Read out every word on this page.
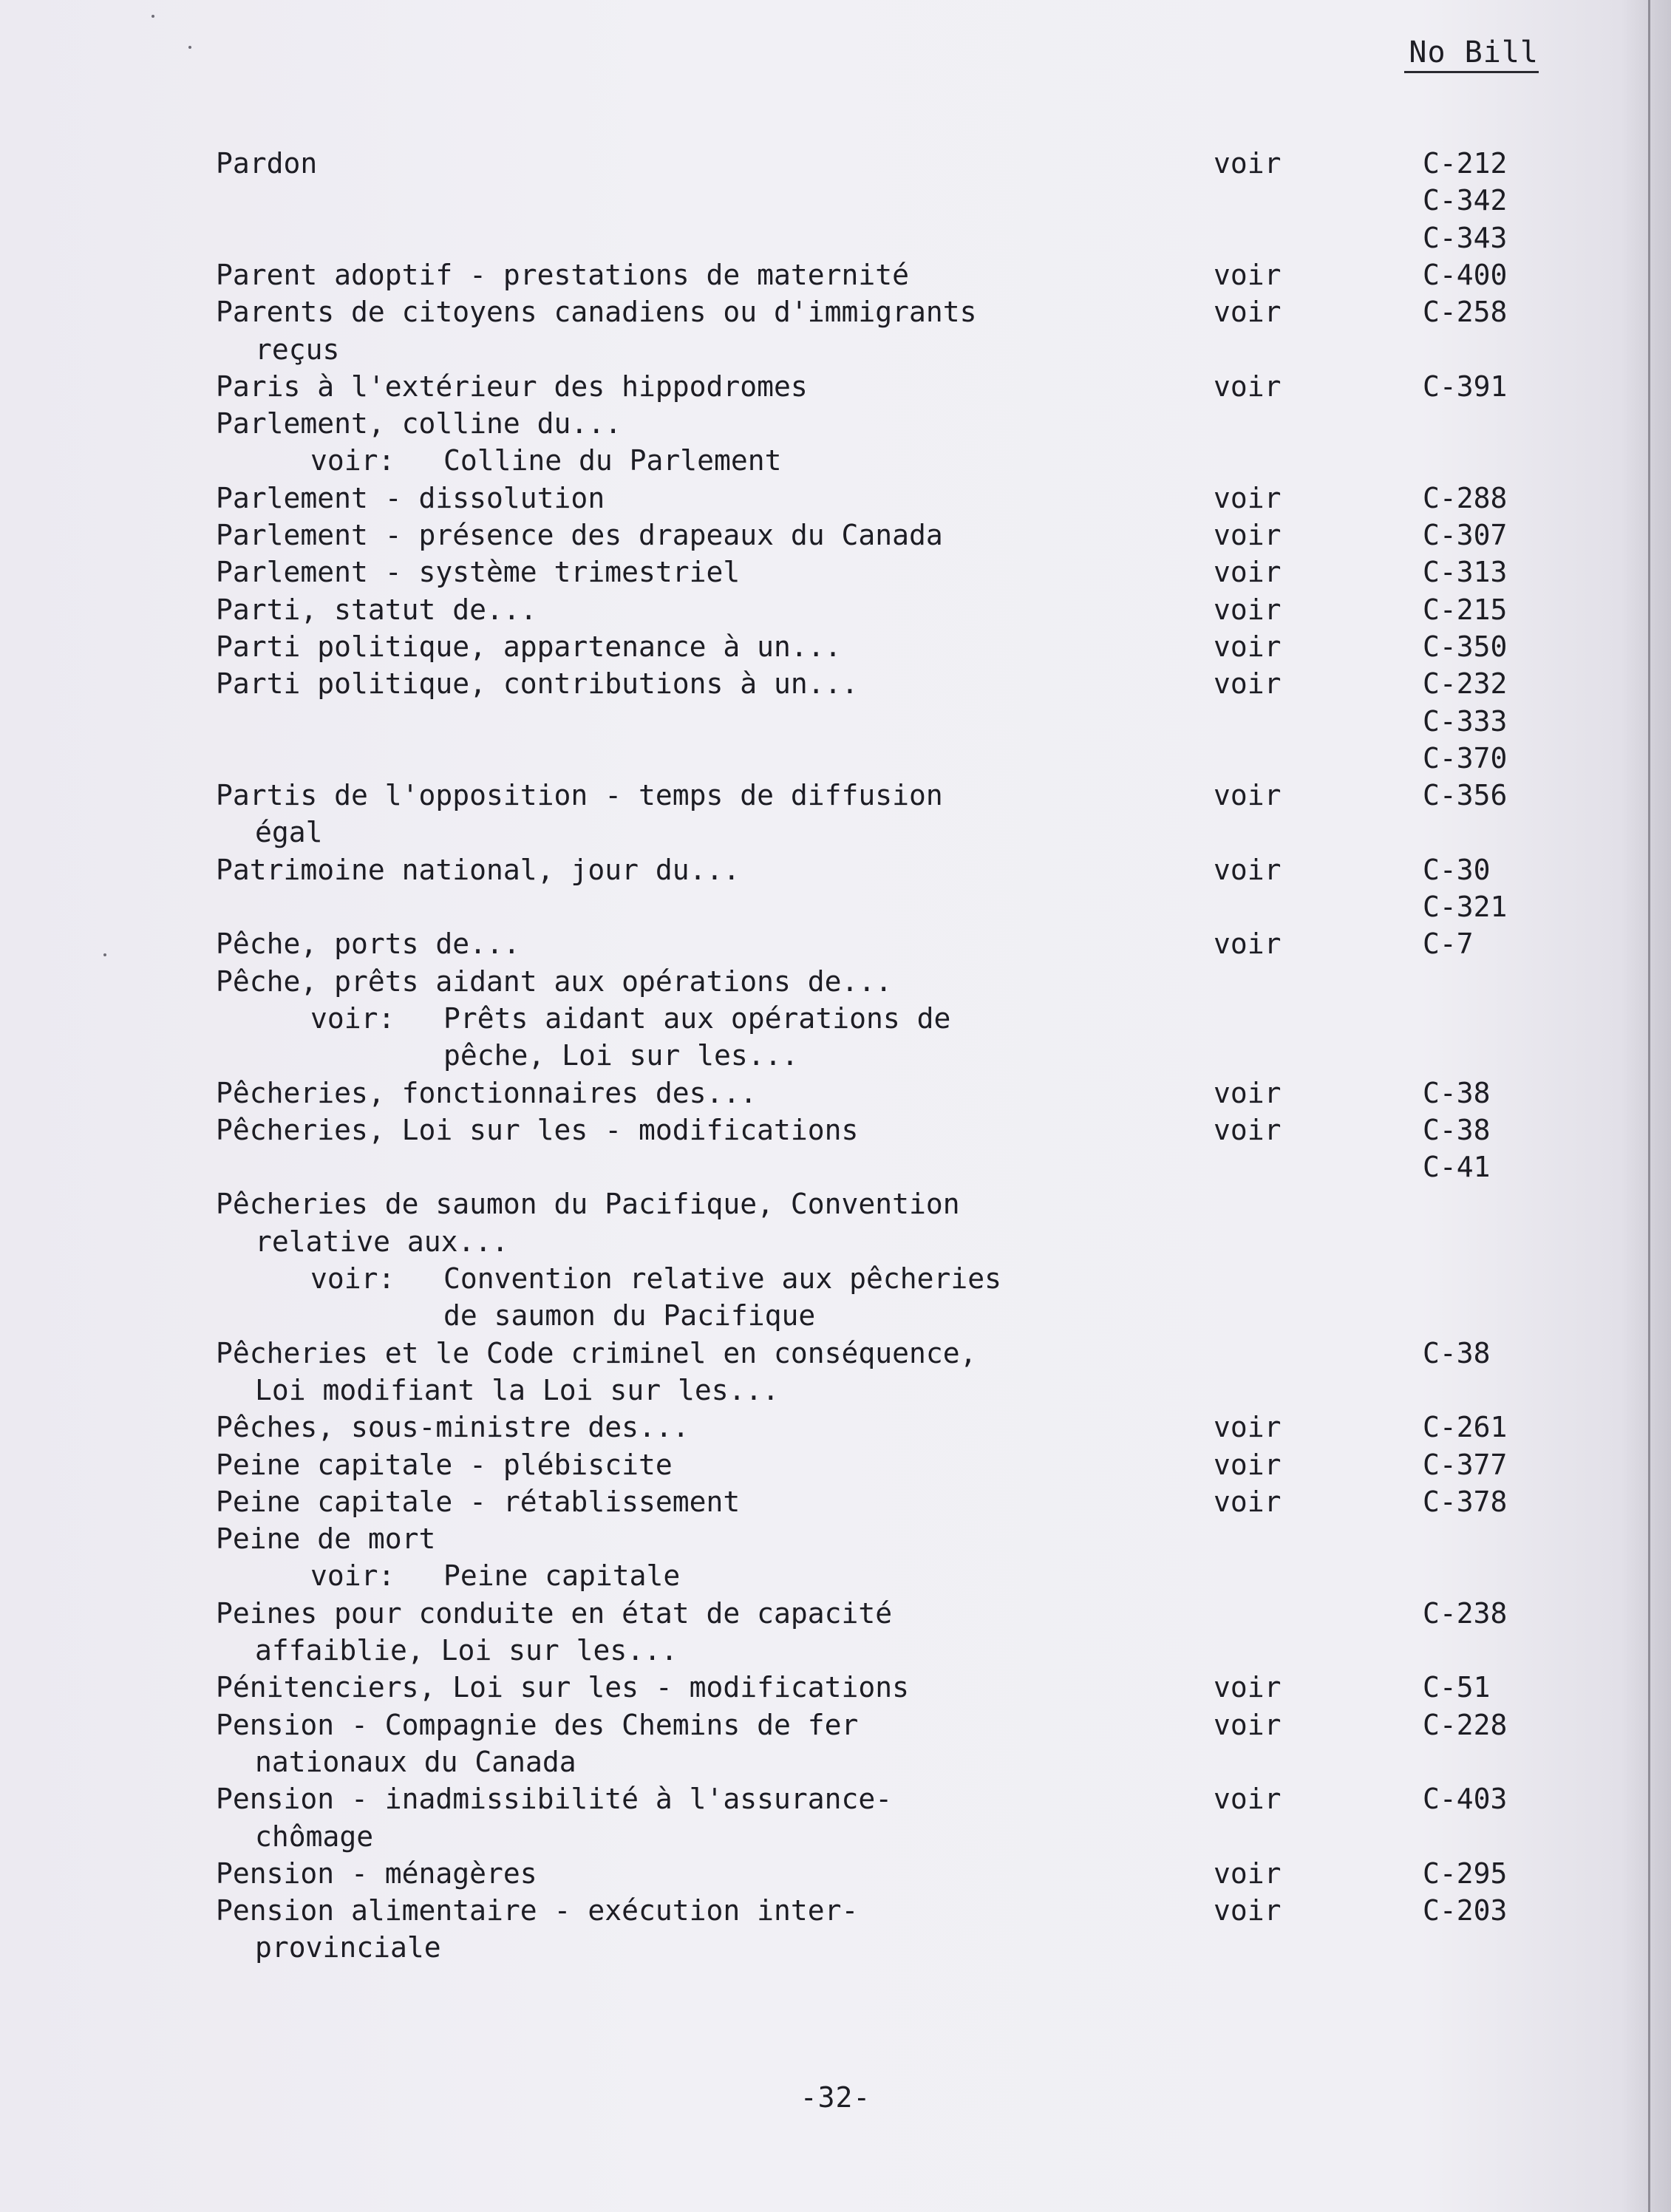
No Bill
Pardon	voir	C-212
C-342
C-343
Parent adoptif - prestations de maternité	voir	C-400
Parents de citoyens canadiens ou d'immigrants	voir	C-258
reçus
Paris à l'extérieur des hippodromes	voir	C-391
Parlement, colline du...
voir: Colline du Parlement
Parlement - dissolution	voir	C-288
Parlement - présence des drapeaux du Canada	voir	C-307
Parlement - système trimestriel	voir	C-313
Parti, statut de...	voir	C-215
Parti politique, appartenance à un...	voir	C-350
Parti politique, contributions à un...	voir	C-232
C-333
C-370
Partis de l'opposition - temps de diffusion	voir	C-356
égal
Patrimoine national, jour du...	voir	C-30
C-321
Pêche, ports de...	voir	C-7
Pêche, prêts aidant aux opérations de...
voir: Prêts aidant aux opérations de
pêche, Loi sur les...
Pêcheries, fonctionnaires des...	voir	C-38
Pêcheries, Loi sur les - modifications	voir	C-38
C-41
Pêcheries de saumon du Pacifique, Convention
relative aux...
voir: Convention relative aux pêcheries
de saumon du Pacifique
Pêcheries et le Code criminel en conséquence,	C-38
Loi modifiant la Loi sur les...
Pêches, sous-ministre des...	voir	C-261
Peine capitale - plébiscite	voir	C-377
Peine capitale - rétablissement	voir	C-378
Peine de mort
voir: Peine capitale
Peines pour conduite en état de capacité	C-238
affaiblie, Loi sur les...
Pénitenciers, Loi sur les - modifications	voir	C-51
Pension - Compagnie des Chemins de fer	voir	C-228
nationaux du Canada
Pension - inadmissibilité à l'assurance-	voir	C-403
chômage
Pension - ménagères	voir	C-295
Pension alimentaire - exécution inter-	voir	C-203
provinciale
-32-
